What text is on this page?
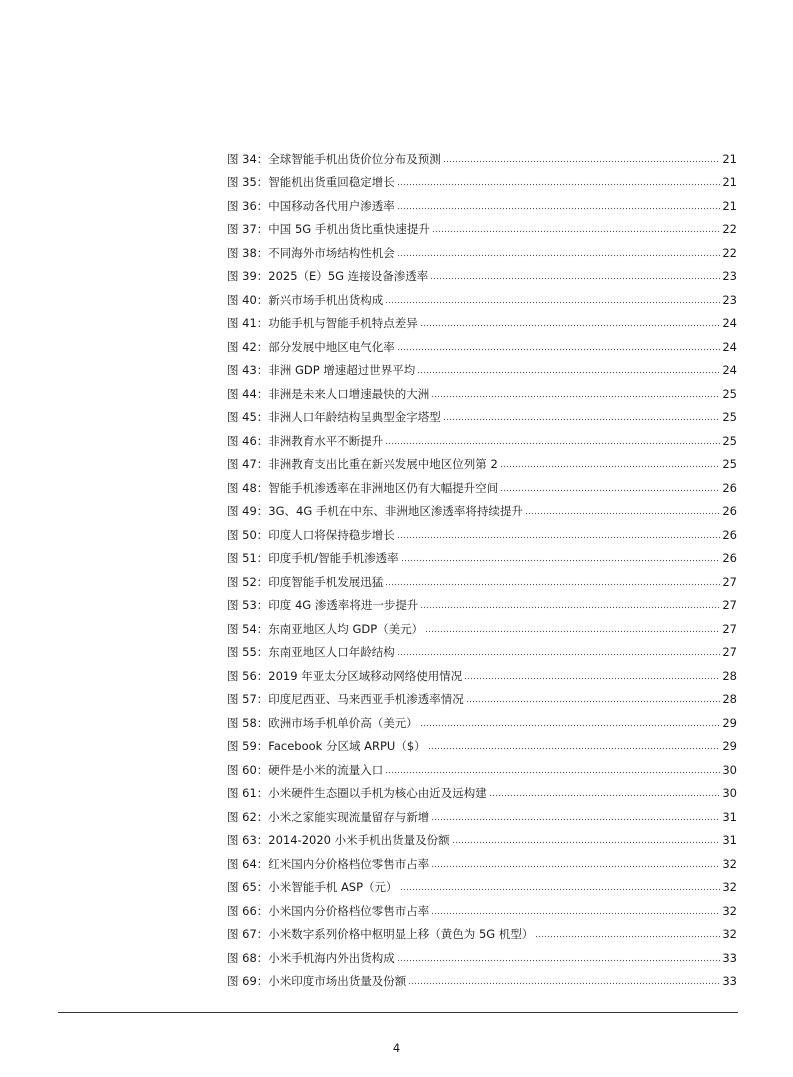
图 34：全球智能手机出货价位分布及预测	21
图 35：智能机出货重回稳定增长	21
图 36：中国移动各代用户渗透率	21
图 37：中国 5G 手机出货比重快速提升	22
图 38：不同海外市场结构性机会	22
图 39：2025（E）5G 连接设备渗透率	23
图 40：新兴市场手机出货构成	23
图 41：功能手机与智能手机特点差异	24
图 42：部分发展中地区电气化率	24
图 43：非洲 GDP 增速超过世界平均	24
图 44：非洲是未来人口增速最快的大洲	25
图 45：非洲人口年龄结构呈典型金字塔型	25
图 46：非洲教育水平不断提升	25
图 47：非洲教育支出比重在新兴发展中地区位列第 2	25
图 48：智能手机渗透率在非洲地区仍有大幅提升空间	26
图 49：3G、4G 手机在中东、非洲地区渗透率将持续提升	26
图 50：印度人口将保持稳步增长	26
图 51：印度手机/智能手机渗透率	26
图 52：印度智能手机发展迅猛	27
图 53：印度 4G 渗透率将进一步提升	27
图 54：东南亚地区人均 GDP（美元）	27
图 55：东南亚地区人口年龄结构	27
图 56：2019 年亚太分区域移动网络使用情况	28
图 57：印度尼西亚、马来西亚手机渗透率情况	28
图 58：欧洲市场手机单价高（美元）	29
图 59：Facebook 分区域 ARPU（$）	29
图 60：硬件是小米的流量入口	30
图 61：小米硬件生态圈以手机为核心由近及远构建	30
图 62：小米之家能实现流量留存与新增	31
图 63：2014-2020 小米手机出货量及份额	31
图 64：红米国内分价格档位零售市占率	32
图 65：小米智能手机 ASP（元）	32
图 66：小米国内分价格档位零售市占率	32
图 67：小米数字系列价格中枢明显上移（黄色为 5G 机型）	32
图 68：小米手机海内外出货构成	33
图 69：小米印度市场出货量及份额	33
4
